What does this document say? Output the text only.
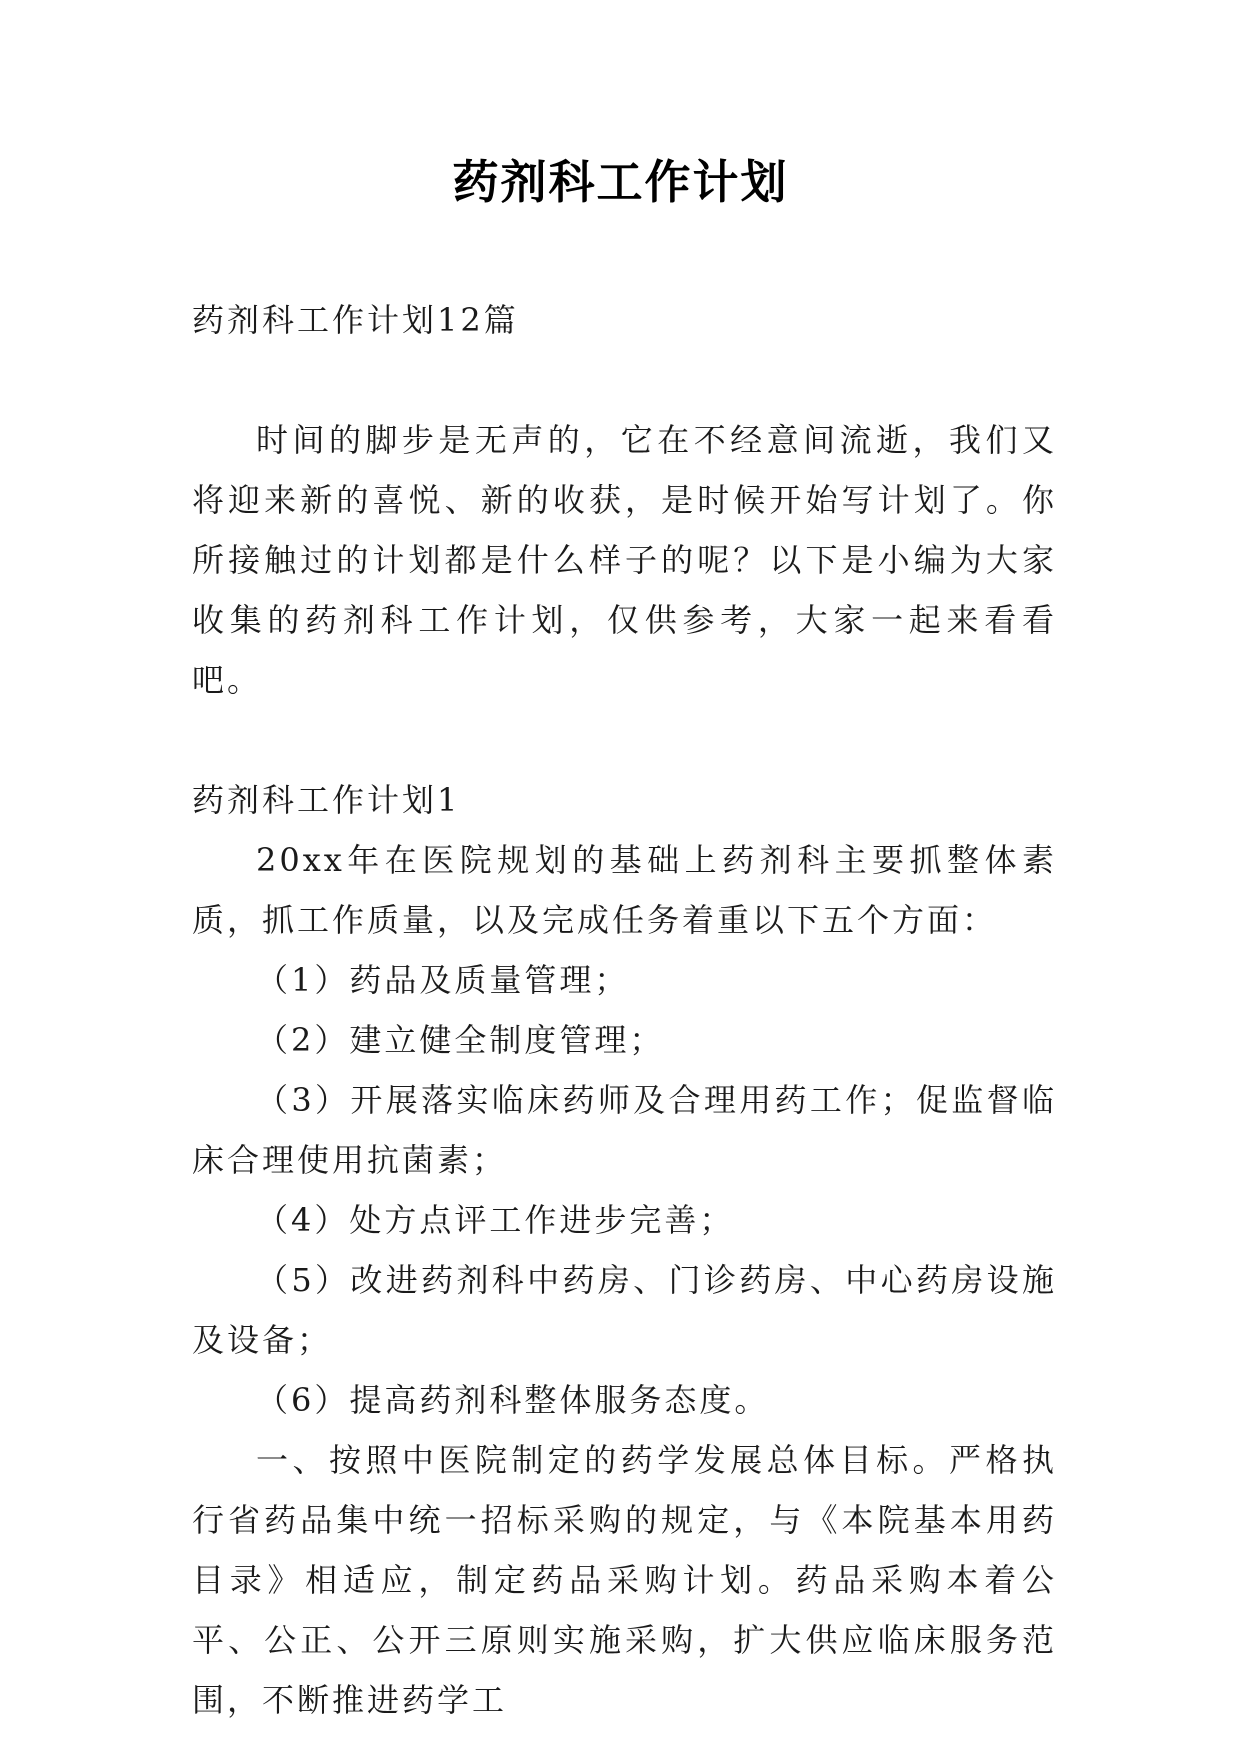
药剂科工作计划

药剂科工作计划12篇

时间的脚步是无声的，它在不经意间流逝，我们又将迎来新的喜悦、新的收获，是时候开始写计划了。你所接触过的计划都是什么样子的呢？以下是小编为大家收集的药剂科工作计划，仅供参考，大家一起来看看吧。

药剂科工作计划1

20xx年在医院规划的基础上药剂科主要抓整体素质，抓工作质量，以及完成任务着重以下五个方面：

（1）药品及质量管理；

（2）建立健全制度管理；

（3）开展落实临床药师及合理用药工作；促监督临床合理使用抗菌素；

（4）处方点评工作进步完善；

（5）改进药剂科中药房、门诊药房、中心药房设施及设备；

（6）提高药剂科整体服务态度。

一、按照中医院制定的药学发展总体目标。严格执行省药品集中统一招标采购的规定，与《本院基本用药目录》相适应，制定药品采购计划。药品采购本着公平、公正、公开三原则实施采购，扩大供应临床服务范围，不断推进药学工
